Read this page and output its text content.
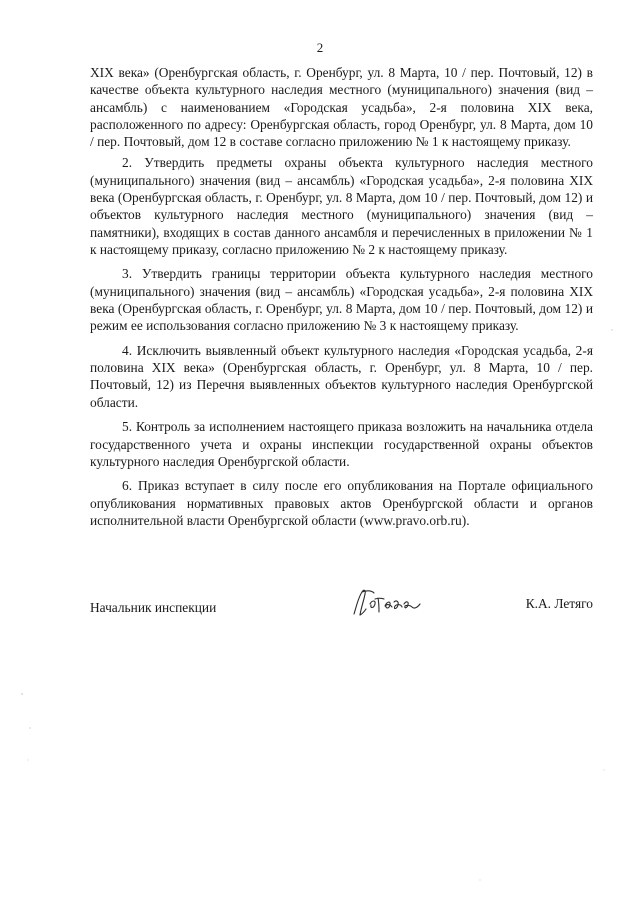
2

XIX века» (Оренбургская область, г. Оренбург, ул. 8 Марта, 10 / пер. Почтовый, 12) в качестве объекта культурного наследия местного (муниципального) значения (вид – ансамбль) с наименованием «Городская усадьба», 2-я половина XIX века, расположенного по адресу: Оренбургская область, город Оренбург, ул. 8 Марта, дом 10 / пер. Почтовый, дом 12 в составе согласно приложению № 1 к настоящему приказу.

2. Утвердить предметы охраны объекта культурного наследия местного (муниципального) значения (вид – ансамбль) «Городская усадьба», 2-я половина XIX века (Оренбургская область, г. Оренбург, ул. 8 Марта, дом 10 / пер. Почтовый, дом 12) и объектов культурного наследия местного (муниципального) значения (вид – памятники), входящих в состав данного ансамбля и перечисленных в приложении № 1 к настоящему приказу, согласно приложению № 2 к настоящему приказу.

3. Утвердить границы территории объекта культурного наследия местного (муниципального) значения (вид – ансамбль) «Городская усадьба», 2-я половина XIX века (Оренбургская область, г. Оренбург, ул. 8 Марта, дом 10 / пер. Почтовый, дом 12) и режим ее использования согласно приложению № 3 к настоящему приказу.

4. Исключить выявленный объект культурного наследия «Городская усадьба, 2-я половина XIX века» (Оренбургская область, г. Оренбург, ул. 8 Марта, 10 / пер. Почтовый, 12) из Перечня выявленных объектов культурного наследия Оренбургской области.

5. Контроль за исполнением настоящего приказа возложить на начальника отдела государственного учета и охраны инспекции государственной охраны объектов культурного наследия Оренбургской области.

6. Приказ вступает в силу после его опубликования на Портале официального опубликования нормативных правовых актов Оренбургской области и органов исполнительной власти Оренбургской области (www.pravo.orb.ru).

Начальник инспекции	К.А. Летяго
